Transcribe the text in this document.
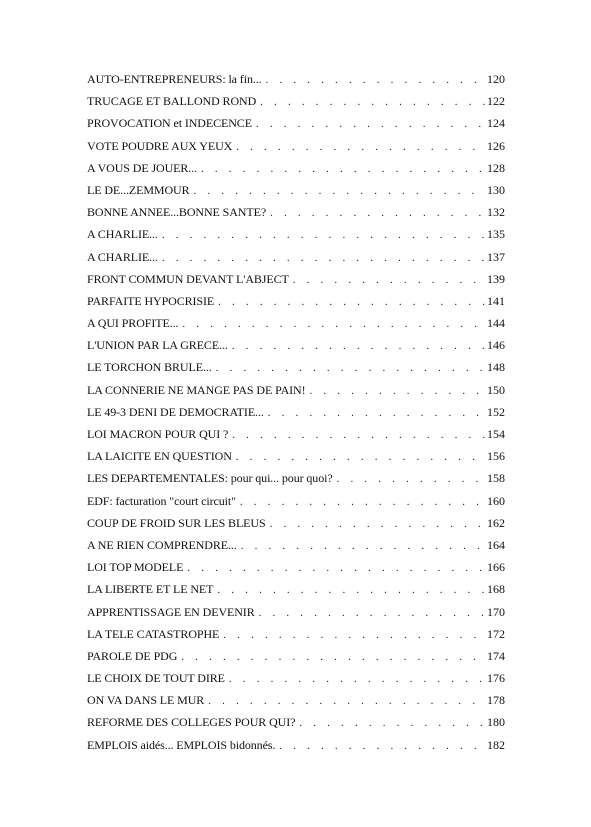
AUTO-ENTREPRENEURS: la fin... . . .	120
TRUCAGE ET BALLOND ROND . . .	122
PROVOCATION et INDECENCE . . .	124
VOTE POUDRE AUX YEUX . . .	126
A VOUS DE JOUER... . . .	128
LE DE...ZEMMOUR . . .	130
BONNE ANNEE...BONNE SANTE? . . .	132
A CHARLIE... . . .	135
A CHARLIE... . . .	137
FRONT COMMUN DEVANT L'ABJECT . . .	139
PARFAITE HYPOCRISIE . . .	141
A QUI PROFITE... . . .	144
L'UNION PAR LA GRECE... . . .	146
LE TORCHON BRULE... . . .	148
LA CONNERIE NE MANGE PAS DE PAIN! . . .	150
LE 49-3 DENI DE DEMOCRATIE... . . .	152
LOI MACRON POUR QUI ? . . .	154
LA LAICITE EN QUESTION . . .	156
LES DEPARTEMENTALES: pour qui... pour quoi? . . .	158
EDF: facturation "court circuit" . . .	160
COUP DE FROID SUR LES BLEUS . . .	162
A NE RIEN COMPRENDRE... . . .	164
LOI TOP MODELE . . .	166
LA LIBERTE ET LE NET . . .	168
APPRENTISSAGE EN DEVENIR . . .	170
LA TELE CATASTROPHE . . .	172
PAROLE DE PDG . . .	174
LE CHOIX DE TOUT DIRE . . .	176
ON VA DANS LE MUR . . .	178
REFORME DES COLLEGES POUR QUI? . . .	180
EMPLOIS aidés... EMPLOIS bidonnés. . . .	182
